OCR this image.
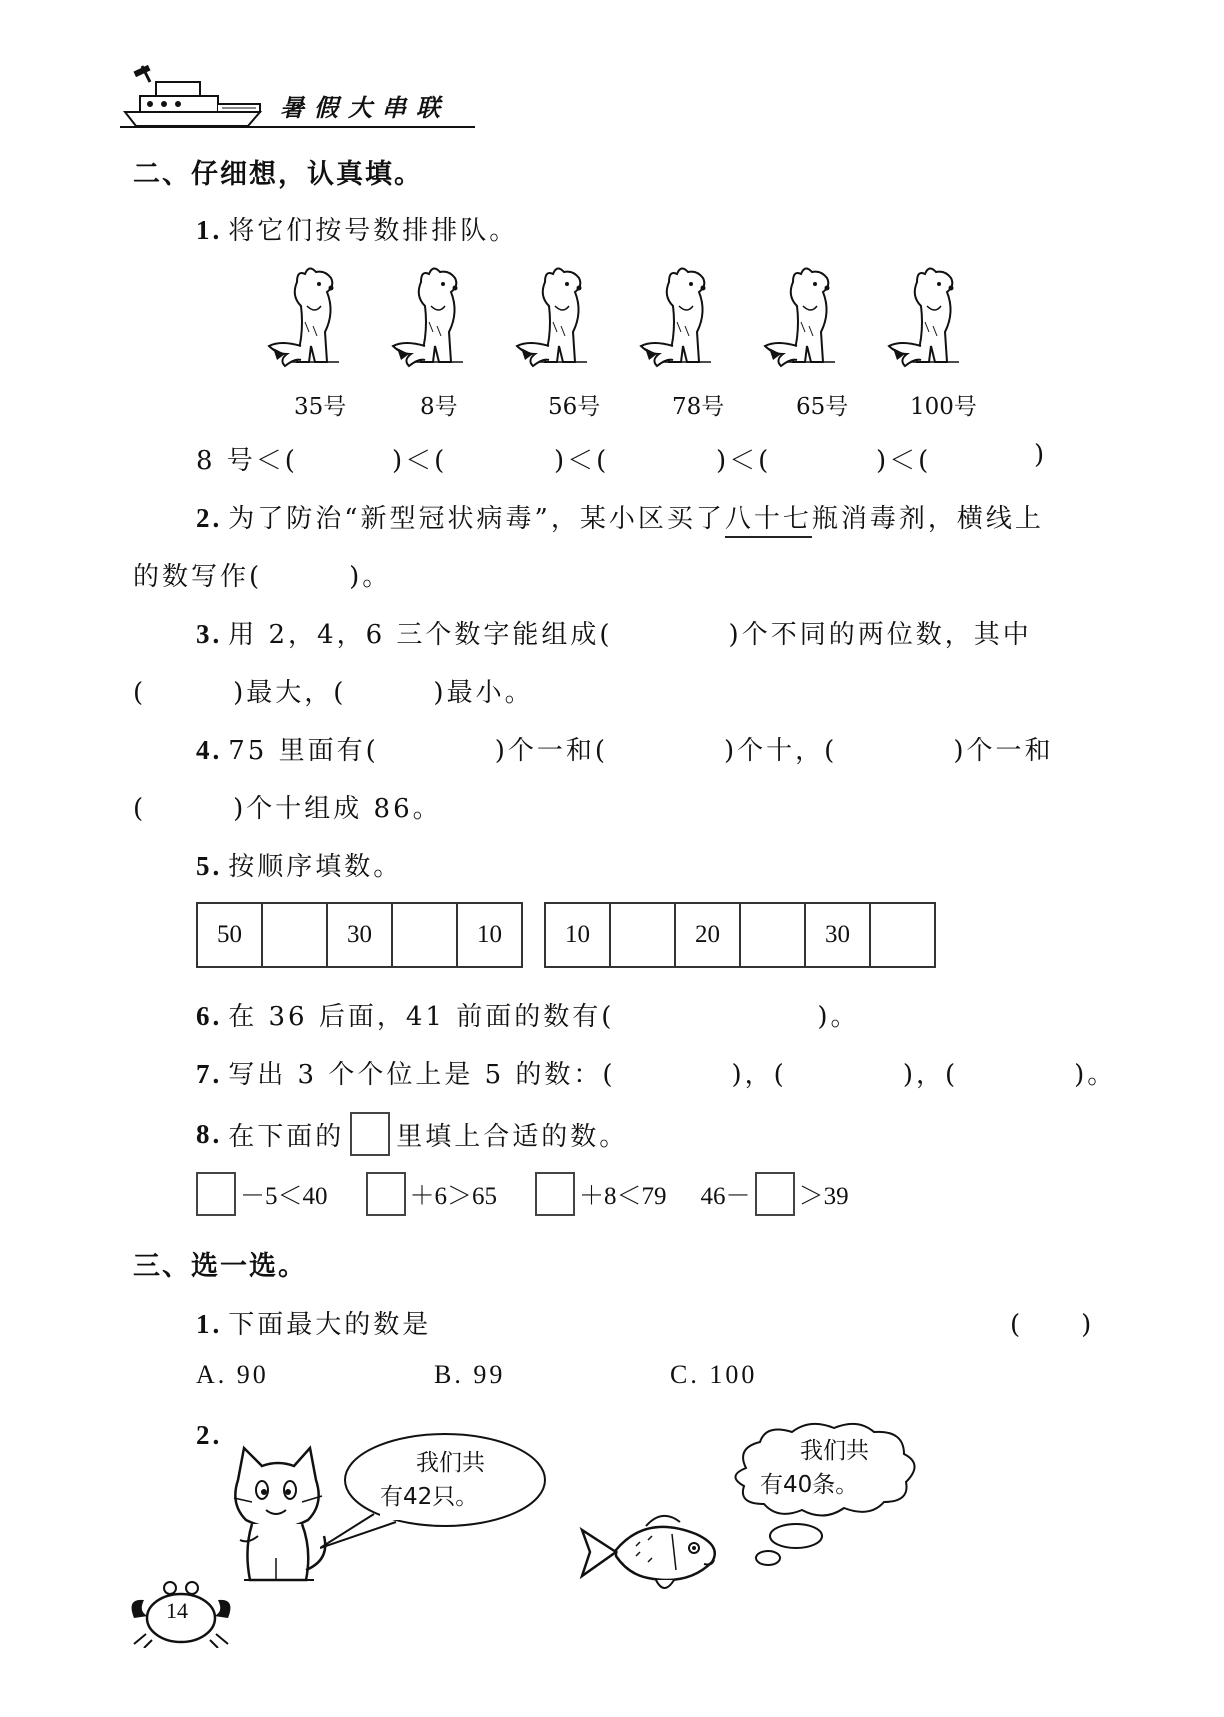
暑假大串联
二、仔细想，认真填。
1. 将它们按号数排排队。
35号	8号	56号	78号	65号	100号
8 号＜(	)＜(	)＜(	)＜(	)＜(	)
2. 为了防治“新型冠状病毒”，某小区买了八十七瓶消毒剂，横线上
的数写作(　　　)。
3. 用 2，4，6 三个数字能组成(　　　　)个不同的两位数，其中
(　　　)最大，(　　　)最小。
4. 75 里面有(　　　　)个一和(　　　　)个十，(　　　　)个一和
(　　　)个十组成 86。
5. 按顺序填数。
50	30	10	10	20	30
6. 在 36 后面，41 前面的数有(　　　　　　　)。
7. 写出 3 个个位上是 5 的数：(　　　　)，(　　　　)，(　　　　)。
8. 在下面的 里填上合适的数。
－5＜40	＋6＞65	＋8＜79 46－ ＞39
三、选一选。
1. 下面最大的数是	(　　)
A. 90	B. 99	C. 100
2.
我们共
有42只。
我们共
有40条。
14
